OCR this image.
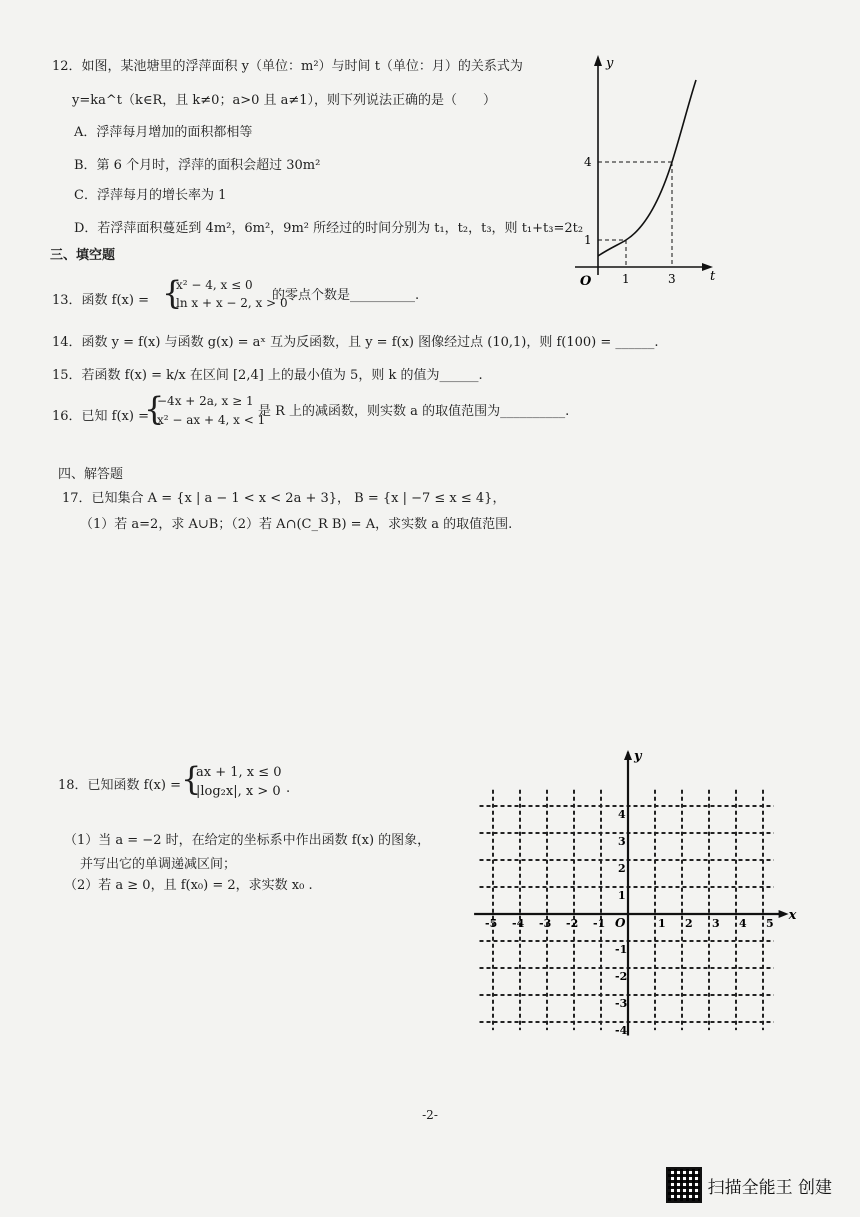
12．如图，某池塘里的浮萍面积 y（单位：m²）与时间 t（单位：月）的关系式为
y=ka^t（k∈R，且 k≠0；a>0 且 a≠1），则下列说法正确的是（　　）
A．浮萍每月增加的面积都相等
B．第 6 个月时，浮萍的面积会超过 30m²
C．浮萍每月的增长率为 1
D．若浮萍面积蔓延到 4m²，6m²，9m² 所经过的时间分别为 t₁，t₂，t₃，则 t₁+t₃=2t₂
y
t
O	1	3
1
4
三、填空题
13．函数 f(x) = {
x² − 4, x ≤ 0
ln x + x − 2, x > 0
的零点个数是__________.
14．函数 y = f(x) 与函数 g(x) = aˣ 互为反函数，且 y = f(x) 图像经过点 (10,1)，则 f(100) = ______.
15．若函数 f(x) = k/x 在区间 [2,4] 上的最小值为 5，则 k 的值为______.
16．已知 f(x) =
{
−4x + 2a, x ≥ 1
x² − ax + 4, x < 1
是 R 上的减函数，则实数 a 的取值范围为__________.
四、解答题
17．已知集合 A = {x | a − 1 < x < 2a + 3}， B = {x | −7 ≤ x ≤ 4}，
（1）若 a=2，求 A∪B；（2）若 A∩(C_R B) = A，求实数 a 的取值范围.
18．已知函数 f(x) = {
ax + 1, x ≤ 0
|log₂x|, x > 0 .
（1）当 a = −2 时，在给定的坐标系中作出函数 f(x) 的图象，
并写出它的单调递减区间；
（2）若 a ≥ 0，且 f(x₀) = 2，求实数 x₀ .
x
y
O
-5 -4 -3 -2 -1	1 2 3 4 5
4
3
2
1
-1
-2
-3
-4
-2-
扫描全能王 创建
